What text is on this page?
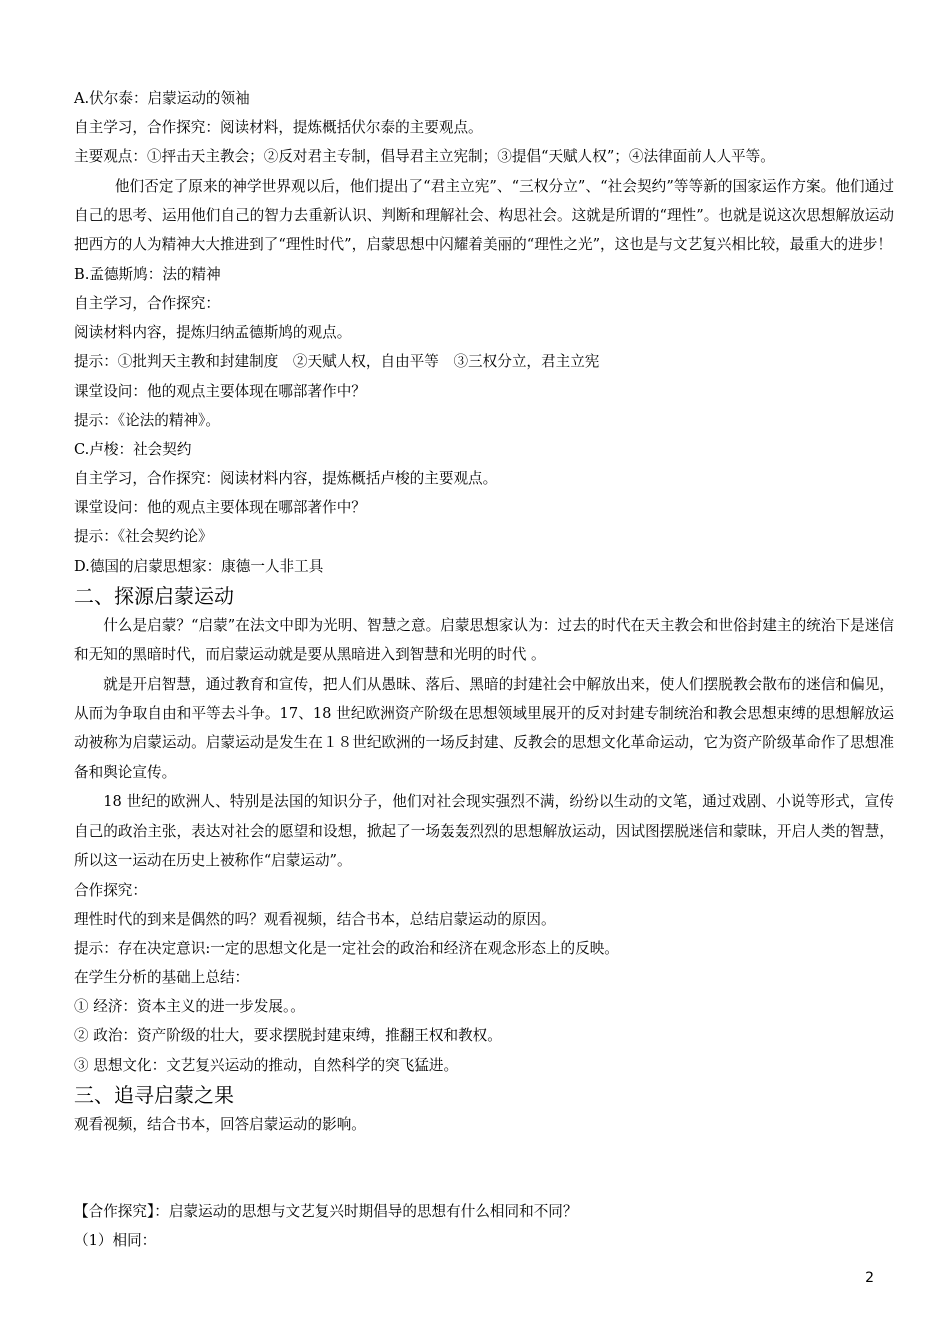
A.伏尔泰：启蒙运动的领袖
自主学习，合作探究：阅读材料，提炼概括伏尔泰的主要观点。
主要观点：①抨击天主教会；②反对君主专制，倡导君主立宪制；③提倡“天赋人权”；④法律面前人人平等。
他们否定了原来的神学世界观以后，他们提出了“君主立宪”、“三权分立”、“社会契约”等等新的国家运作方案。他们通过自己的思考、运用他们自己的智力去重新认识、判断和理解社会、构思社会。这就是所谓的“理性”。也就是说这次思想解放运动把西方的人为精神大大推进到了“理性时代”，启蒙思想中闪耀着美丽的“理性之光”，这也是与文艺复兴相比较，最重大的进步！
B.孟德斯鸠：法的精神
自主学习，合作探究：
阅读材料内容，提炼归纳孟德斯鸠的观点。
提示：①批判天主教和封建制度　②天赋人权，自由平等　③三权分立，君主立宪
课堂设问：他的观点主要体现在哪部著作中？
提示：《论法的精神》。
C.卢梭：社会契约
自主学习，合作探究：阅读材料内容，提炼概括卢梭的主要观点。
课堂设问：他的观点主要体现在哪部著作中？
提示：《社会契约论》
D.德国的启蒙思想家：康德一人非工具
二、探源启蒙运动
什么是启蒙？“启蒙”在法文中即为光明、智慧之意。启蒙思想家认为：过去的时代在天主教会和世俗封建主的统治下是迷信和无知的黑暗时代，而启蒙运动就是要从黑暗进入到智慧和光明的时代 。
就是开启智慧，通过教育和宣传，把人们从愚昧、落后、黑暗的封建社会中解放出来，使人们摆脱教会散布的迷信和偏见，从而为争取自由和平等去斗争。17、18 世纪欧洲资产阶级在思想领域里展开的反对封建专制统治和教会思想束缚的思想解放运动被称为启蒙运动。启蒙运动是发生在１８世纪欧洲的一场反封建、反教会的思想文化革命运动，它为资产阶级革命作了思想准备和舆论宣传。
18 世纪的欧洲人、特别是法国的知识分子，他们对社会现实强烈不满，纷纷以生动的文笔，通过戏剧、小说等形式，宣传自己的政治主张，表达对社会的愿望和设想，掀起了一场轰轰烈烈的思想解放运动，因试图摆脱迷信和蒙昧，开启人类的智慧，所以这一运动在历史上被称作“启蒙运动”。
合作探究：
理性时代的到来是偶然的吗？观看视频，结合书本，总结启蒙运动的原因。
提示：存在决定意识:一定的思想文化是一定社会的政治和经济在观念形态上的反映。
在学生分析的基础上总结：
① 经济：资本主义的进一步发展。。
② 政治：资产阶级的壮大，要求摆脱封建束缚，推翻王权和教权。
③ 思想文化：文艺复兴运动的推动，自然科学的突飞猛进。
三、追寻启蒙之果
观看视频，结合书本，回答启蒙运动的影响。
【合作探究】：启蒙运动的思想与文艺复兴时期倡导的思想有什么相同和不同？
（1）相同：
2
